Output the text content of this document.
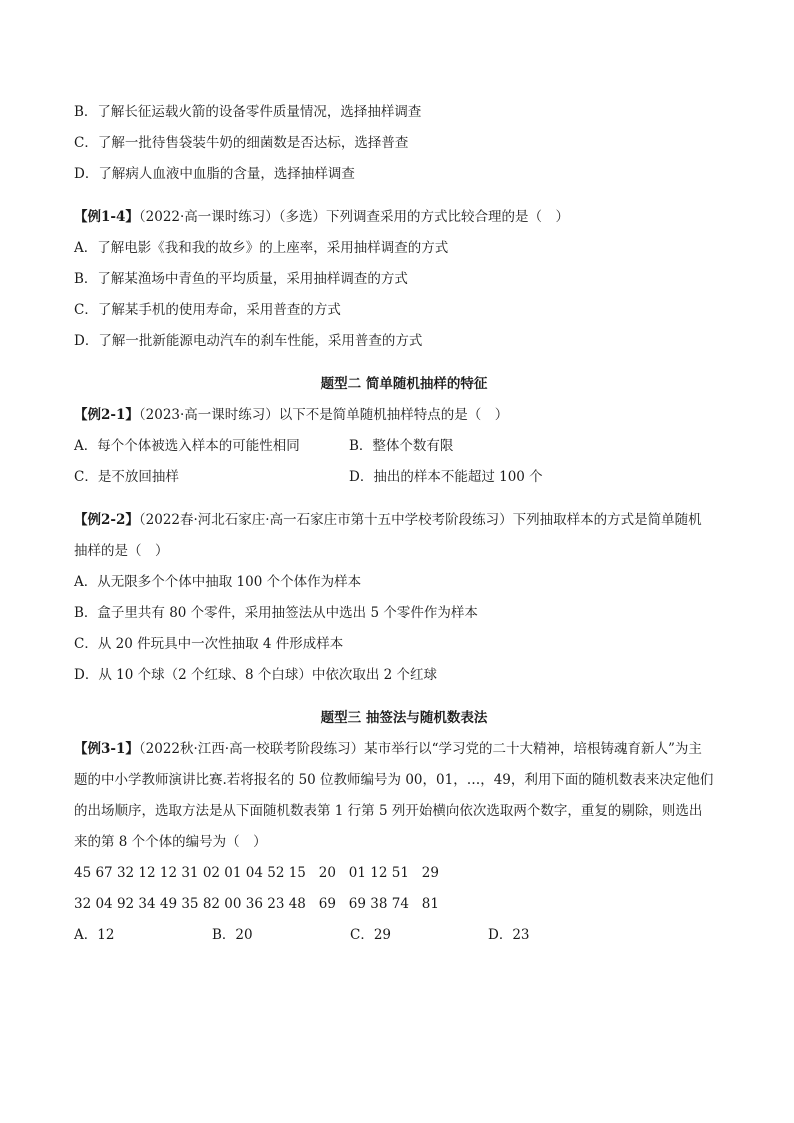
B．了解长征运载火箭的设备零件质量情况，选择抽样调查
C．了解一批待售袋装牛奶的细菌数是否达标，选择普查
D．了解病人血液中血脂的含量，选择抽样调查
【例1-4】（2022·高一课时练习）（多选）下列调查采用的方式比较合理的是（　）
A．了解电影《我和我的故乡》的上座率，采用抽样调查的方式
B．了解某渔场中青鱼的平均质量，采用抽样调查的方式
C．了解某手机的使用寿命，采用普查的方式
D．了解一批新能源电动汽车的刹车性能，采用普查的方式
题型二 简单随机抽样的特征
【例2-1】（2023·高一课时练习）以下不是简单随机抽样特点的是（　）
A．每个个体被选入样本的可能性相同	B．整体个数有限
C．是不放回抽样	D．抽出的样本不能超过 100 个
【例2-2】（2022春·河北石家庄·高一石家庄市第十五中学校考阶段练习）下列抽取样本的方式是简单随机
抽样的是（　）
A．从无限多个个体中抽取 100 个个体作为样本
B．盒子里共有 80 个零件，采用抽签法从中选出 5 个零件作为样本
C．从 20 件玩具中一次性抽取 4 件形成样本
D．从 10 个球（2 个红球、8 个白球）中依次取出 2 个红球
题型三 抽签法与随机数表法
【例3-1】（2022秋·江西·高一校联考阶段练习）某市举行以“学习党的二十大精神，培根铸魂育新人”为主
题的中小学教师演讲比赛.若将报名的 50 位教师编号为 00，01，…，49，利用下面的随机数表来决定他们
的出场顺序，选取方法是从下面随机数表第 1 行第 5 列开始横向依次选取两个数字，重复的剔除，则选出
来的第 8 个个体的编号为（　）
45 67 32 12 12 31 02 01 04 52 15   20   01 12 51   29
32 04 92 34 49 35 82 00 36 23 48   69   69 38 74   81
A．12	B．20	C．29	D．23
